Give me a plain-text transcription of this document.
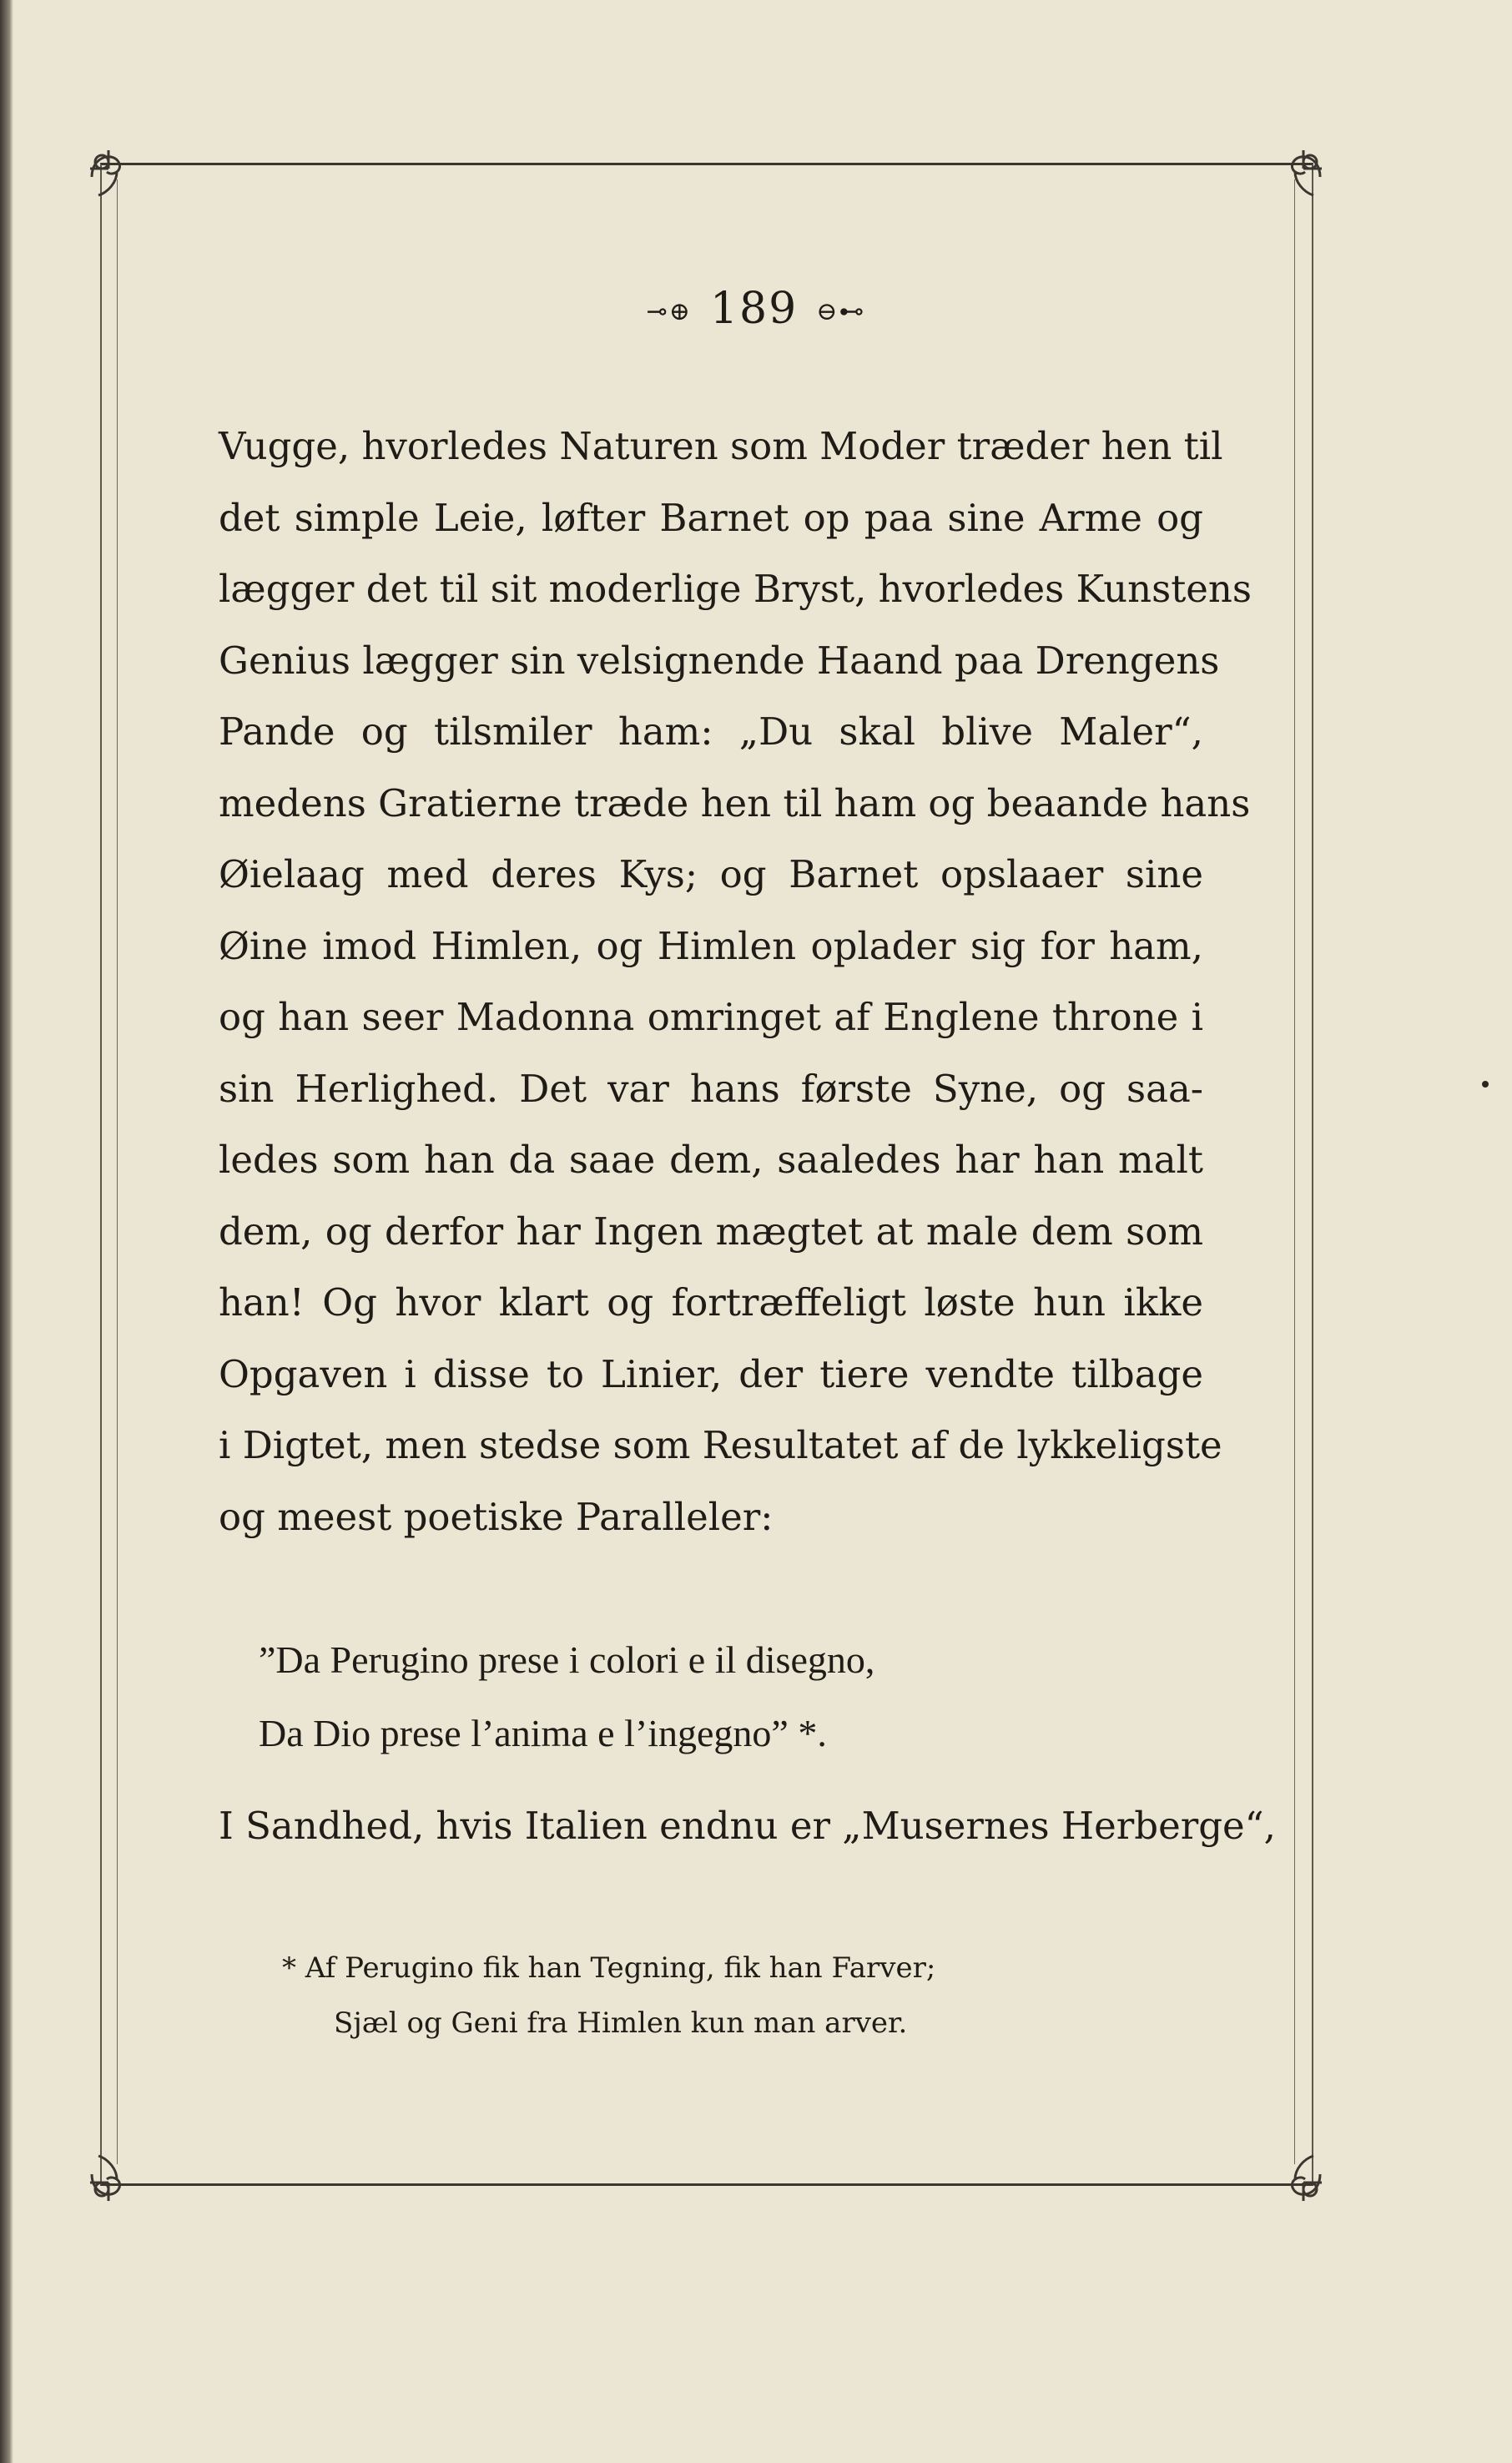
⊸⊕ 189 ⊖⊷
Vugge, hvorledes Naturen som Moder træder hen til
det simple Leie, løfter Barnet op paa sine Arme og
lægger det til sit moderlige Bryst, hvorledes Kunstens
Genius lægger sin velsignende Haand paa Drengens
Pande og tilsmiler ham: „Du skal blive Maler“,
medens Gratierne træde hen til ham og beaande hans
Øielaag med deres Kys; og Barnet opslaaer sine
Øine imod Himlen, og Himlen oplader sig for ham,
og han seer Madonna omringet af Englene throne i
sin Herlighed. Det var hans første Syne, og saa-
ledes som han da saae dem, saaledes har han malt
dem, og derfor har Ingen mægtet at male dem som
han! Og hvor klart og fortræffeligt løste hun ikke
Opgaven i disse to Linier, der tiere vendte tilbage
i Digtet, men stedse som Resultatet af de lykkeligste
og meest poetiske Paralleler:
”Da Perugino prese i colori e il disegno,
Da Dio prese l’anima e l’ingegno” *.
I Sandhed, hvis Italien endnu er „Musernes Herberge“,
* Af Perugino fik han Tegning, fik han Farver;
Sjæl og Geni fra Himlen kun man arver.
